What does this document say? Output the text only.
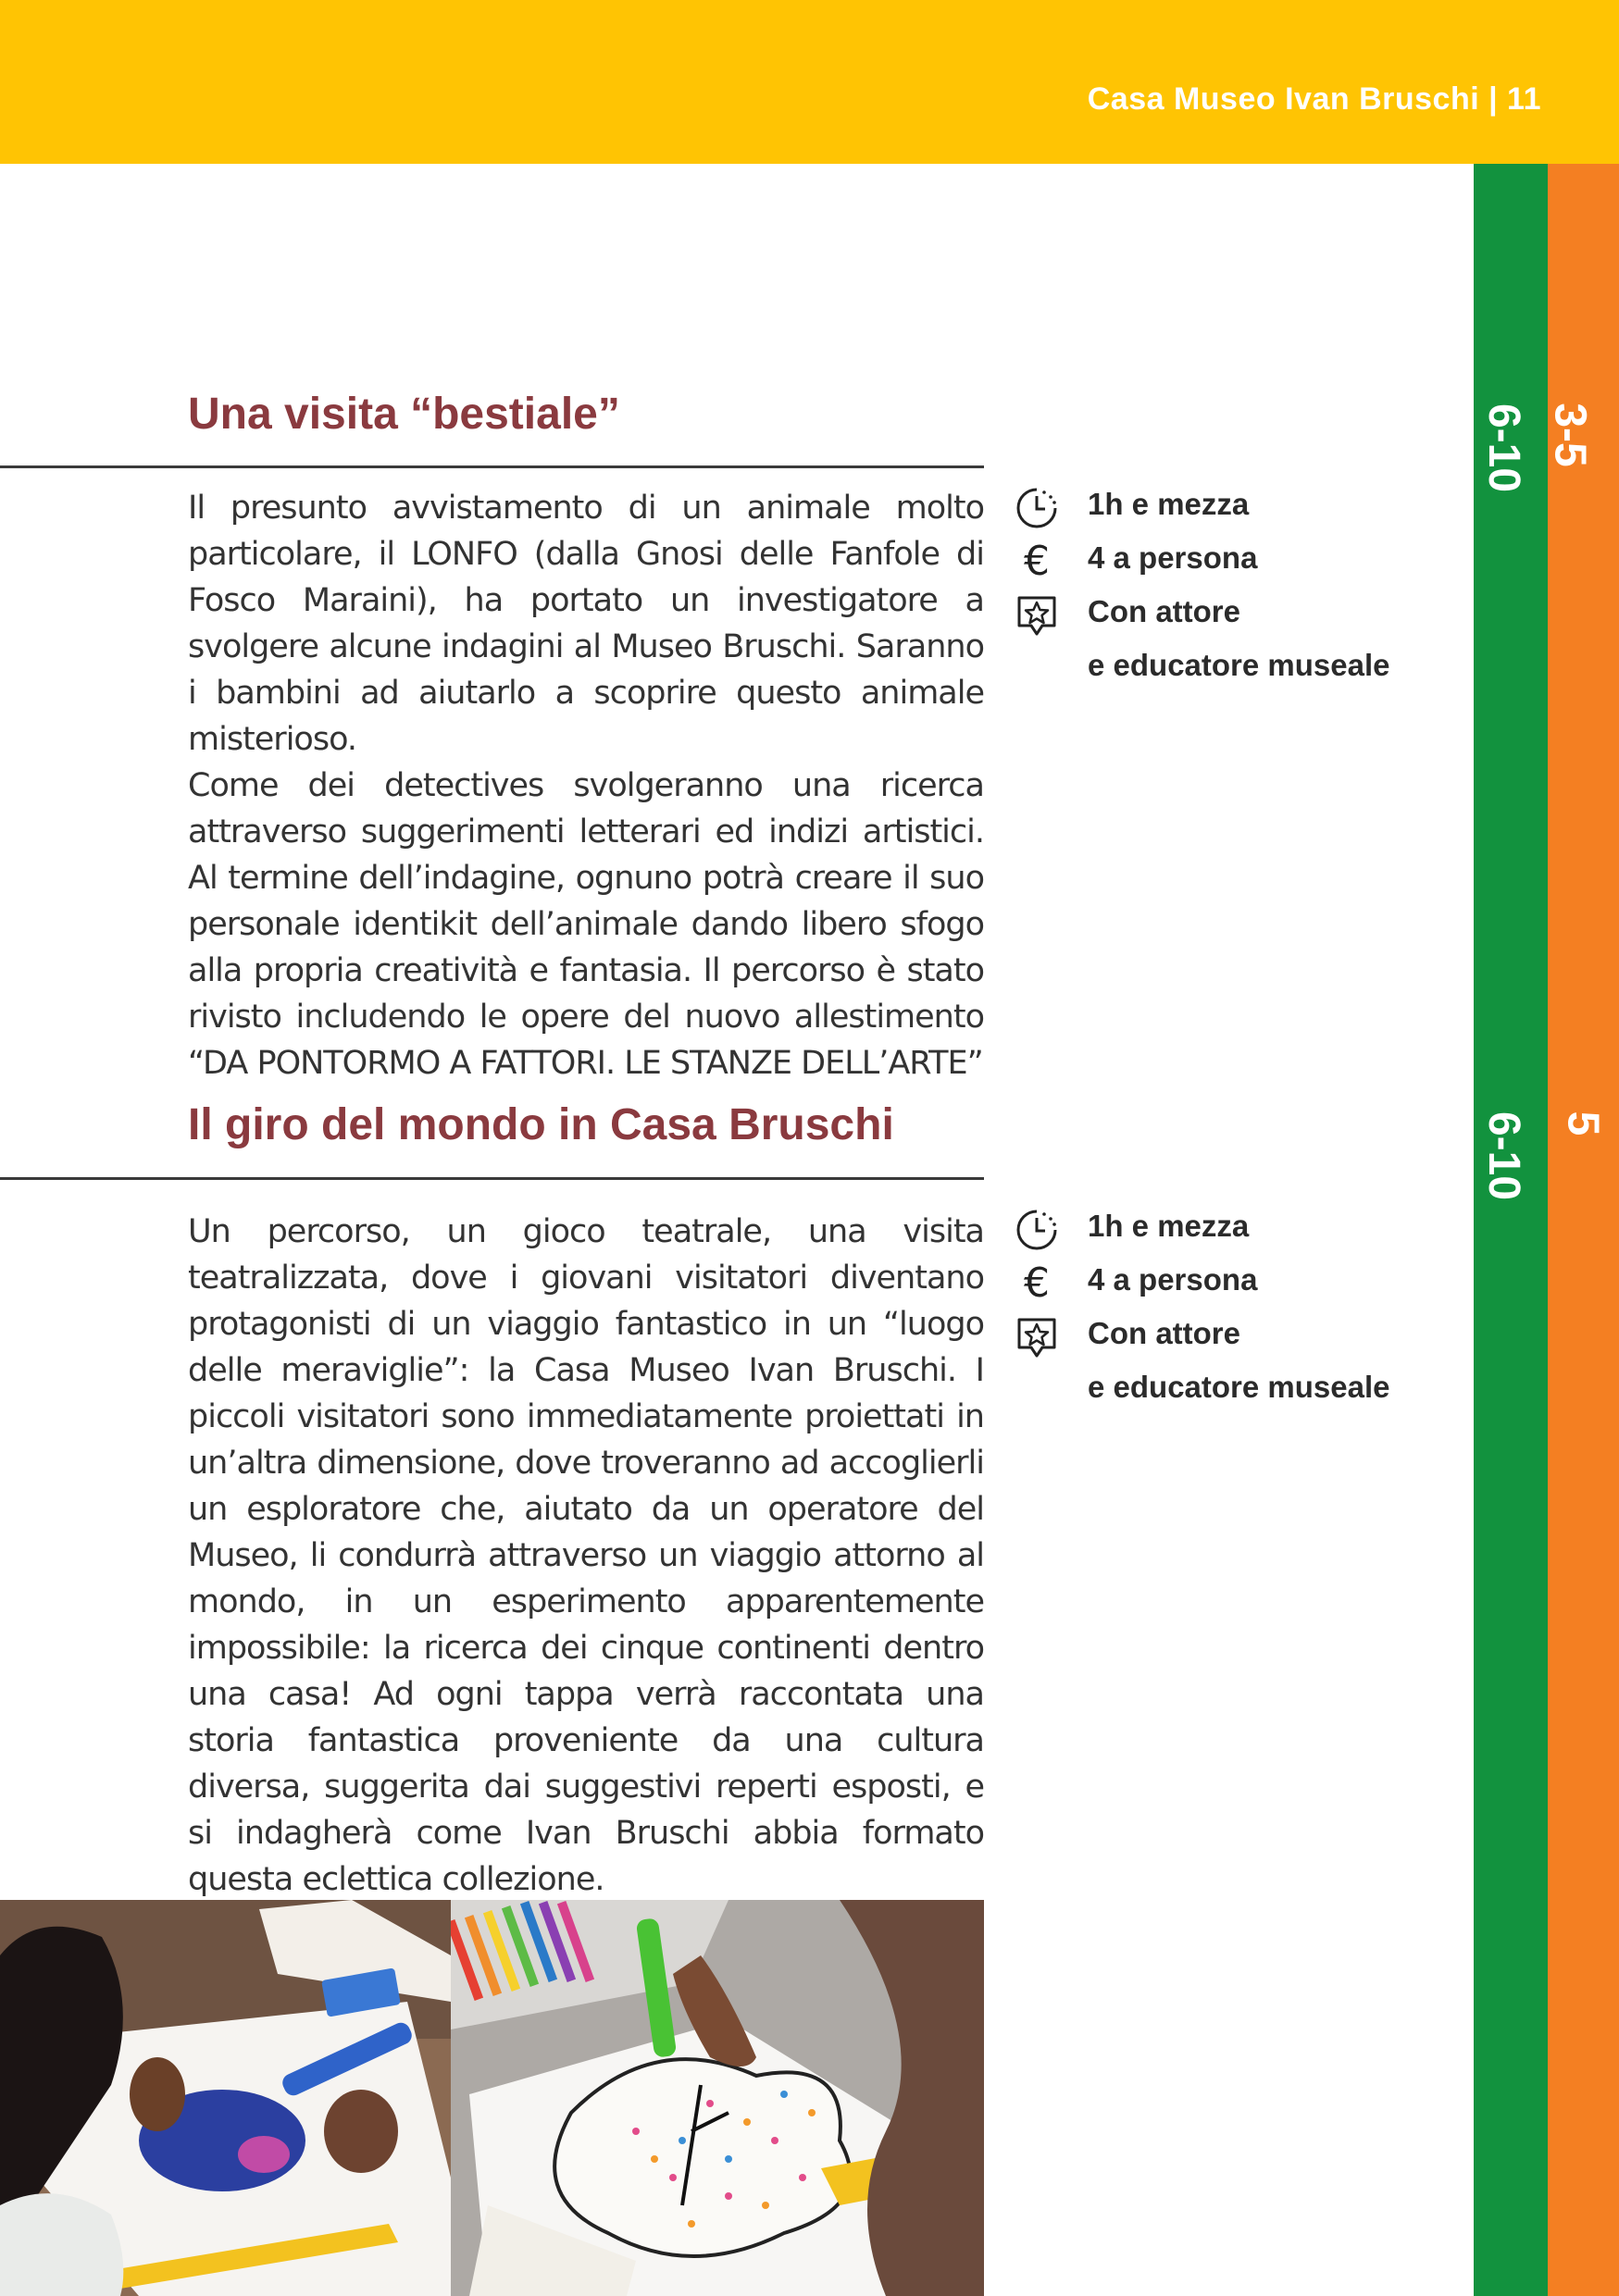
Casa Museo Ivan Bruschi | 11
6-10 3-5
6-10 5
Una visita “bestiale”

Il presunto avvistamento di un animale molto particolare, il LONFO (dalla Gnosi delle Fanfole di Fosco Maraini), ha portato un investigatore a svolgere alcune indagini al Museo Bruschi. Saranno i bambini ad aiutarlo a scoprire questo animale misterioso.

Come dei detectives svolgeranno una ricerca attraverso suggerimenti letterari ed indizi artistici. Al termine dell’indagine, ognuno potrà creare il suo personale identikit dell’animale dando libero sfogo alla propria creatività e fantasia. Il percorso è stato rivisto includendo le opere del nuovo allestimento “DA PONTORMO A FATTORI. LE STANZE DELL’ARTE”

1h e mezza
€	4 a persona
Con attore
e educatore museale
Il giro del mondo in Casa Bruschi

Un percorso, un gioco teatrale, una visita teatralizzata, dove i giovani visitatori diventano protagonisti di un viaggio fantastico in un “luogo delle meraviglie”: la Casa Museo Ivan Bruschi. I piccoli visitatori sono immediatamente proiettati in un’altra dimensione, dove troveranno ad accoglierli un esploratore che, aiutato da un operatore del Museo, li condurrà attraverso un viaggio attorno al mondo, in un esperimento apparentemente impossibile: la ricerca dei cinque continenti dentro una casa! Ad ogni tappa verrà raccontata una storia fantastica proveniente da una cultura diversa, suggerita dai suggestivi reperti esposti, e si indagherà come Ivan Bruschi abbia formato questa eclettica collezione.

1h e mezza
€	4 a persona
Con attore
e educatore museale
